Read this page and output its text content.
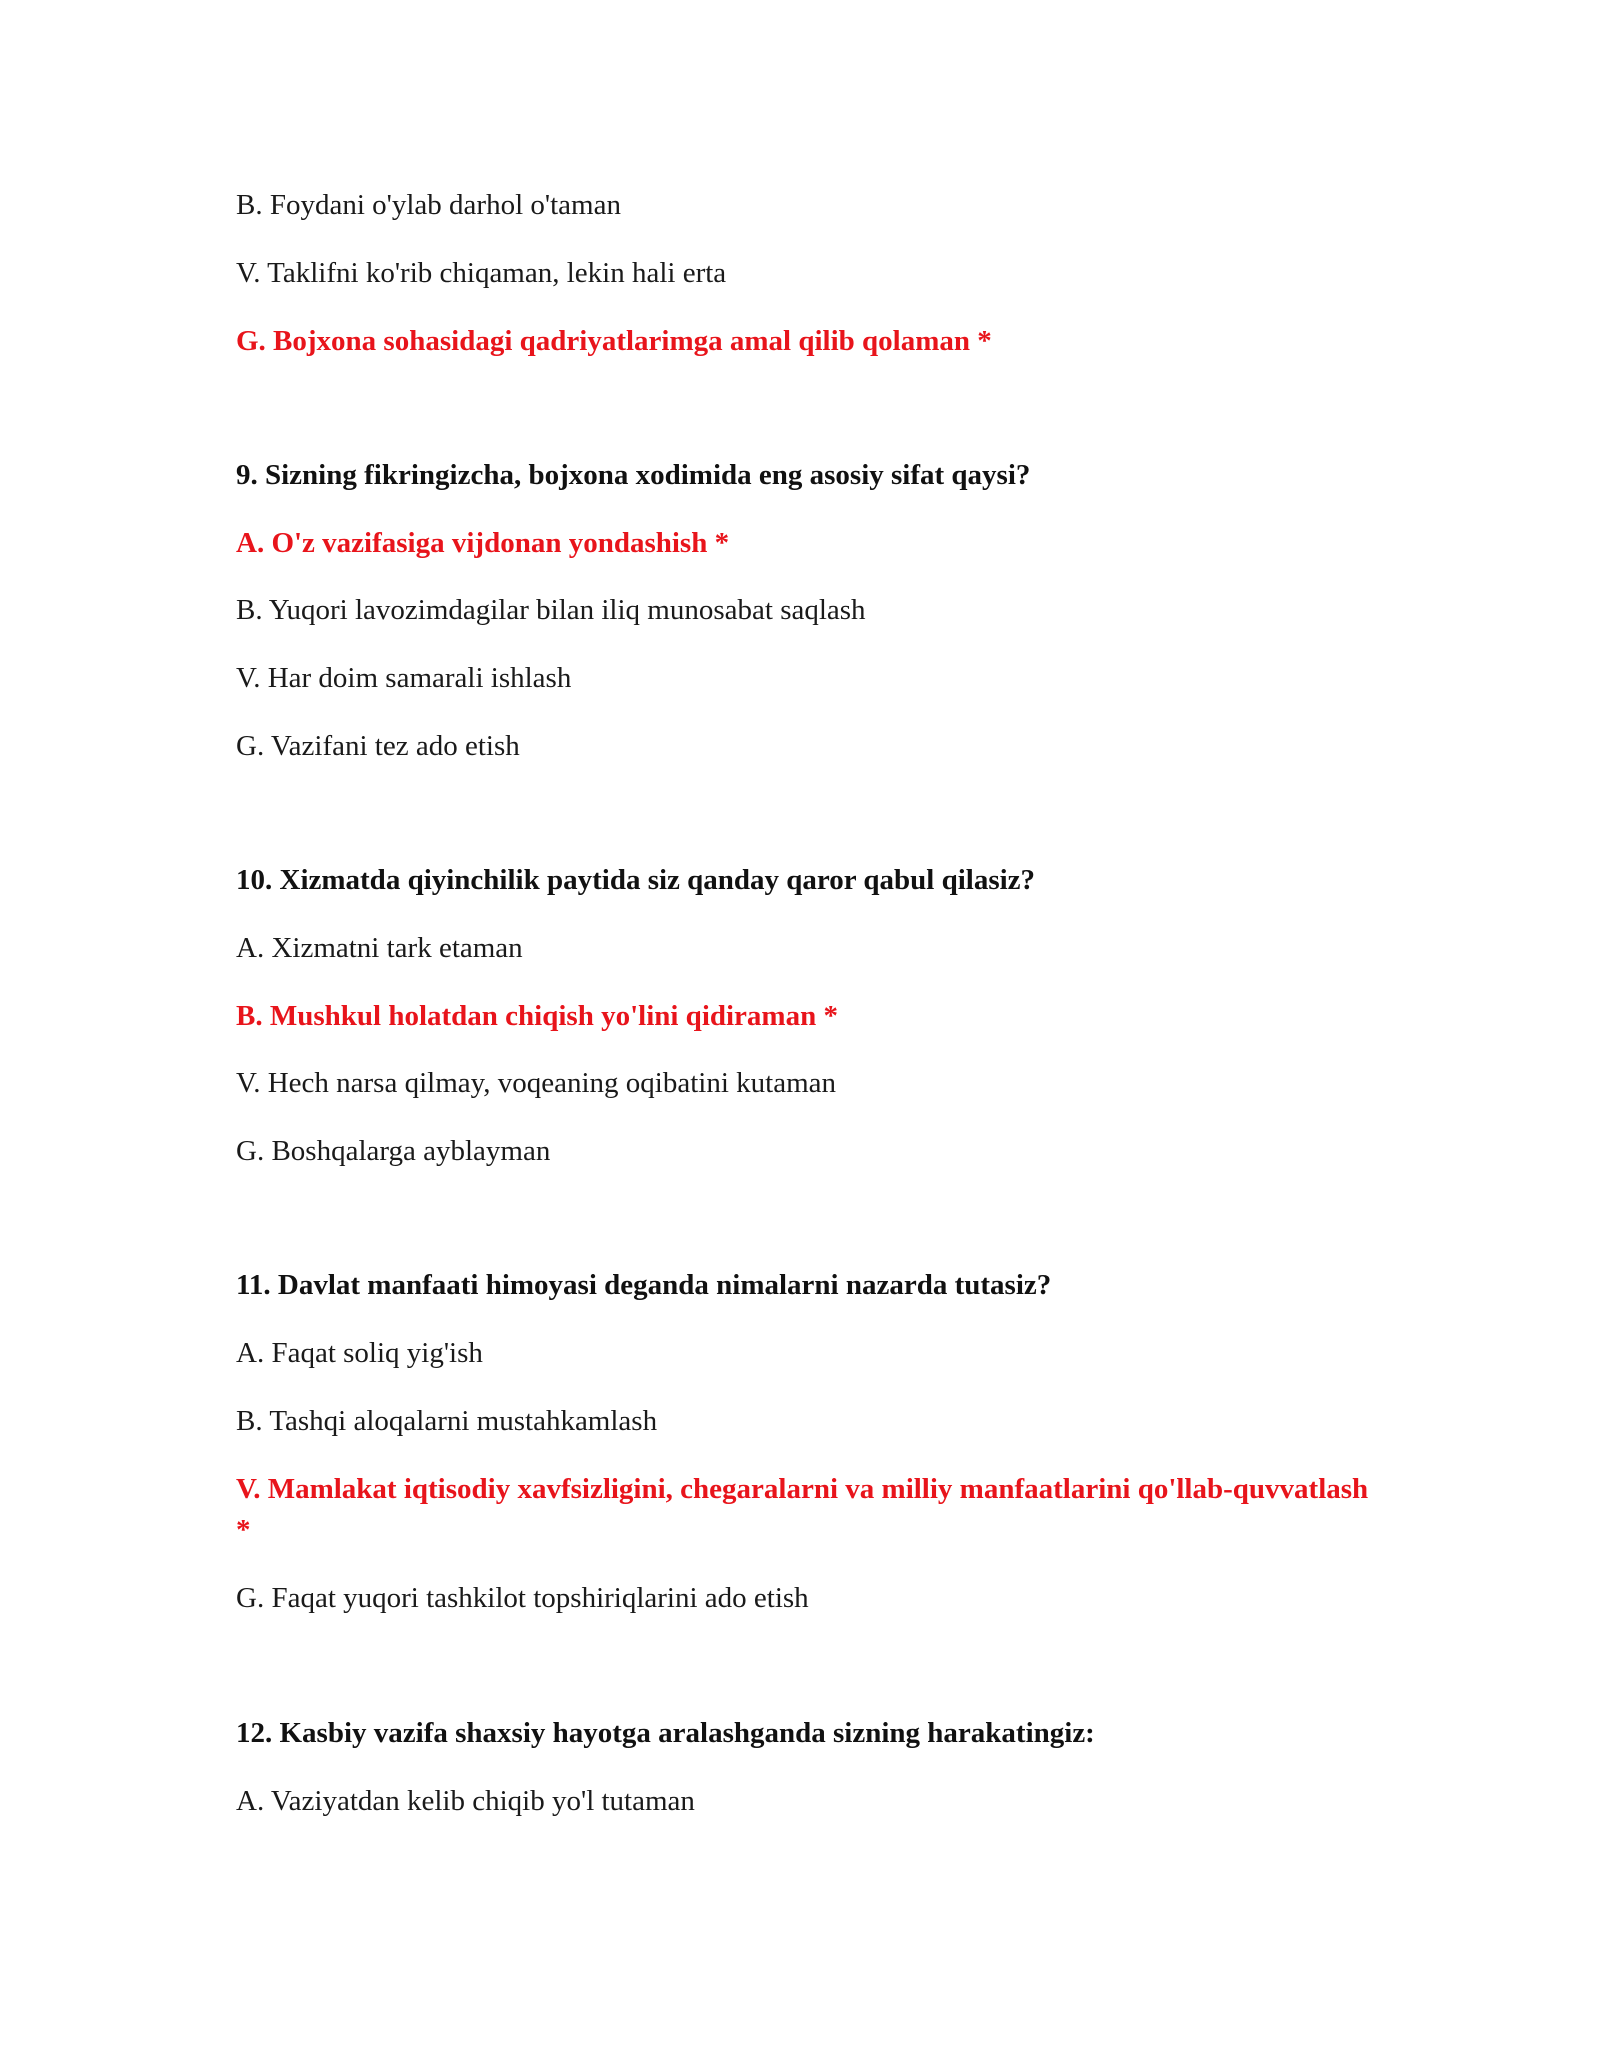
B. Foydani o'ylab darhol o'taman

V. Taklifni ko'rib chiqaman, lekin hali erta

G. Bojxona sohasidagi qadriyatlarimga amal qilib qolaman *

9. Sizning fikringizcha, bojxona xodimida eng asosiy sifat qaysi?

A. O'z vazifasiga vijdonan yondashish *

B. Yuqori lavozimdagilar bilan iliq munosabat saqlash

V. Har doim samarali ishlash

G. Vazifani tez ado etish

10. Xizmatda qiyinchilik paytida siz qanday qaror qabul qilasiz?

A. Xizmatni tark etaman

B. Mushkul holatdan chiqish yo'lini qidiraman *

V. Hech narsa qilmay, voqeaning oqibatini kutaman

G. Boshqalarga ayblayman

11. Davlat manfaati himoyasi deganda nimalarni nazarda tutasiz?

A. Faqat soliq yig'ish

B. Tashqi aloqalarni mustahkamlash

V. Mamlakat iqtisodiy xavfsizligini, chegaralarni va milliy manfaatlarini qo'llab-quvvatlash *

G. Faqat yuqori tashkilot topshiriqlarini ado etish

12. Kasbiy vazifa shaxsiy hayotga aralashganda sizning harakatingiz:

A. Vaziyatdan kelib chiqib yo'l tutaman
